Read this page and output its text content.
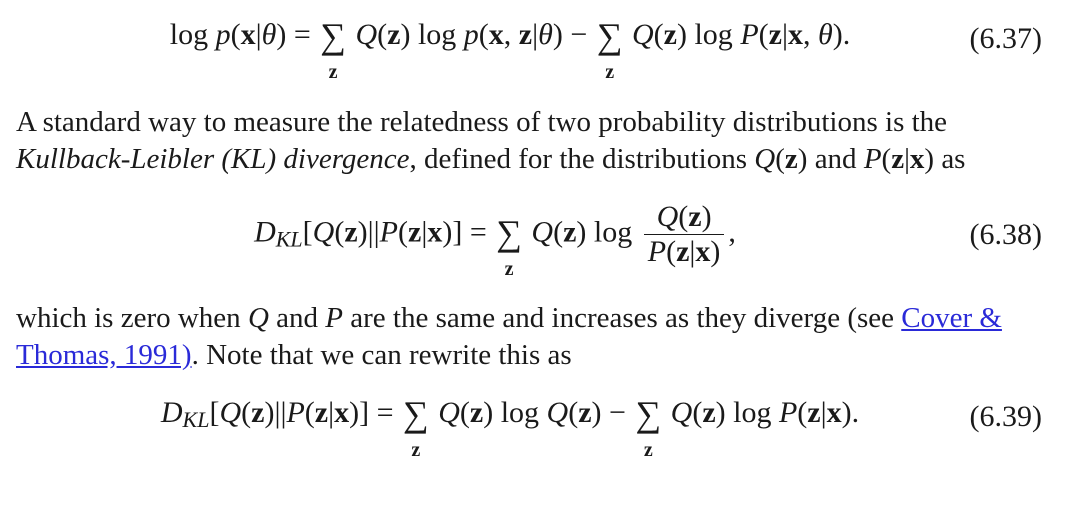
log p(x|θ) = ∑
z
Q(z) log p(x, z|θ) − ∑
z
Q(z) log P(z|x, θ).	(6.37)
A standard way to measure the relatedness of two probability distributions is the Kullback-Leibler (KL) divergence, defined for the distributions Q(z) and P(z|x) as
DKL[Q(z)||P(z|x)] = ∑
z
Q(z) $\log \frac{Q(z)}{P(z|x)}$ ,	(6.38)
which is zero when Q and P are the same and increases as they diverge (see Cover & Thomas, 1991). Note that we can rewrite this as
DKL[Q(z)||P(z|x)] = ∑
z
Q(z) log Q(z) − ∑
z
Q(z) log P(z|x).	(6.39)
